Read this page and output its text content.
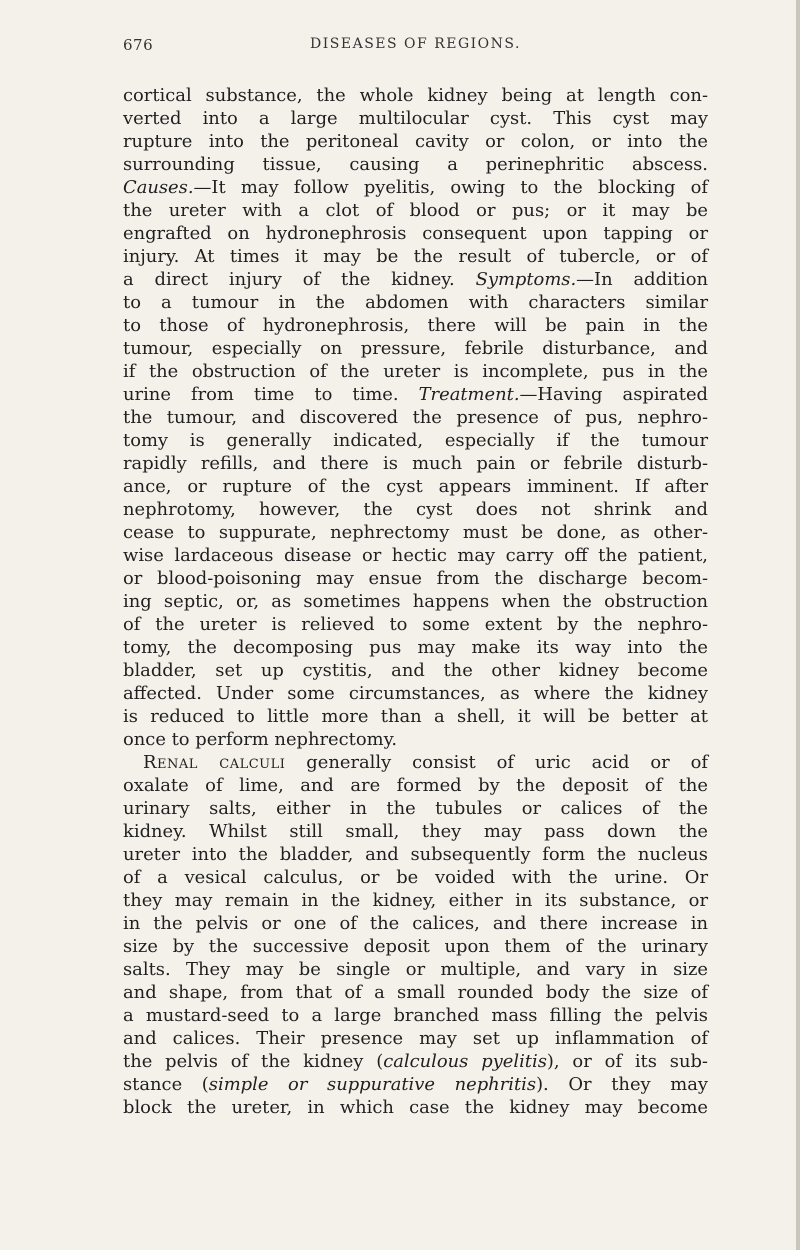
676	DISEASES OF REGIONS.
cortical substance, the whole kidney being at length con-
verted into a large multilocular cyst. This cyst may
rupture into the peritoneal cavity or colon, or into the
surrounding tissue, causing a perinephritic abscess.
Causes.—It may follow pyelitis, owing to the blocking of
the ureter with a clot of blood or pus; or it may be
engrafted on hydronephrosis consequent upon tapping or
injury. At times it may be the result of tubercle, or of
a direct injury of the kidney. Symptoms.—In addition
to a tumour in the abdomen with characters similar
to those of hydronephrosis, there will be pain in the
tumour, especially on pressure, febrile disturbance, and
if the obstruction of the ureter is incomplete, pus in the
urine from time to time. Treatment.—Having aspirated
the tumour, and discovered the presence of pus, nephro-
tomy is generally indicated, especially if the tumour
rapidly refills, and there is much pain or febrile disturb-
ance, or rupture of the cyst appears imminent. If after
nephrotomy, however, the cyst does not shrink and
cease to suppurate, nephrectomy must be done, as other-
wise lardaceous disease or hectic may carry off the patient,
or blood-poisoning may ensue from the discharge becom-
ing septic, or, as sometimes happens when the obstruction
of the ureter is relieved to some extent by the nephro-
tomy, the decomposing pus may make its way into the
bladder, set up cystitis, and the other kidney become
affected. Under some circumstances, as where the kidney
is reduced to little more than a shell, it will be better at
once to perform nephrectomy.
Renal calculi generally consist of uric acid or of
oxalate of lime, and are formed by the deposit of the
urinary salts, either in the tubules or calices of the
kidney. Whilst still small, they may pass down the
ureter into the bladder, and subsequently form the nucleus
of a vesical calculus, or be voided with the urine. Or
they may remain in the kidney, either in its substance, or
in the pelvis or one of the calices, and there increase in
size by the successive deposit upon them of the urinary
salts. They may be single or multiple, and vary in size
and shape, from that of a small rounded body the size of
a mustard-seed to a large branched mass filling the pelvis
and calices. Their presence may set up inflammation of
the pelvis of the kidney (calculous pyelitis), or of its sub-
stance (simple or suppurative nephritis). Or they may
block the ureter, in which case the kidney may become
